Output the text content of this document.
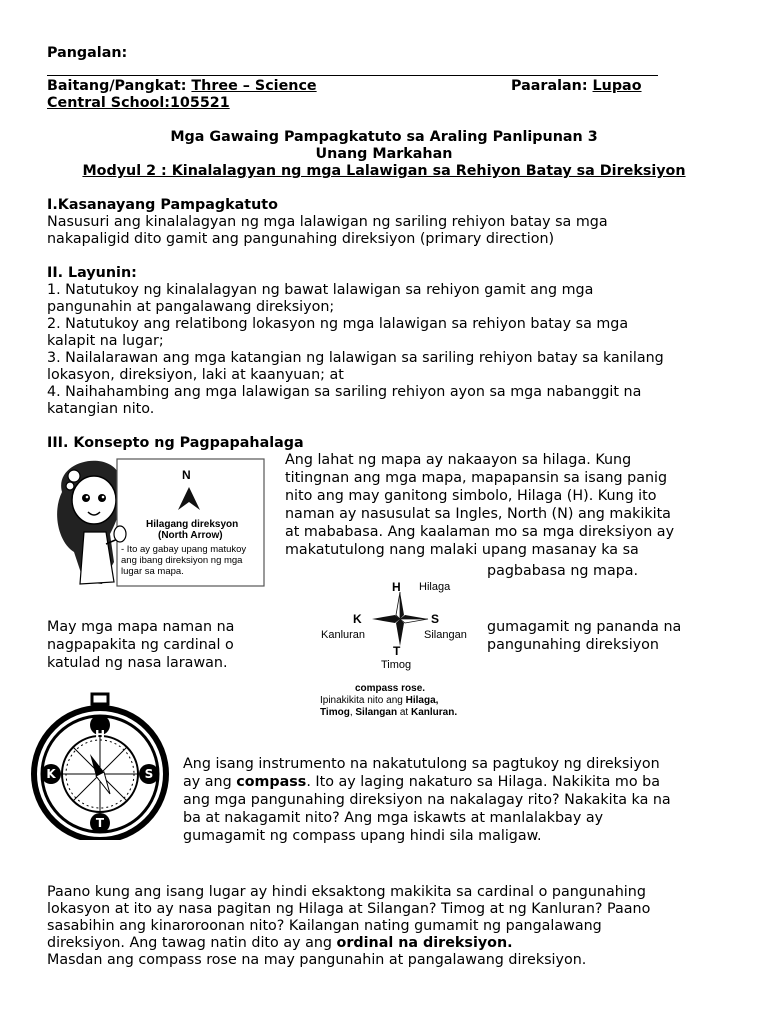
Pangalan:
Baitang/Pangkat: Three – Science	Paaralan: Lupao
Central School:105521
Mga Gawaing Pampagkatuto sa Araling Panlipunan 3
Unang Markahan
Modyul 2 : Kinalalagyan ng mga Lalawigan sa Rehiyon Batay sa Direksiyon
I.Kasanayang Pampagkatuto
Nasusuri ang kinalalagyan ng mga lalawigan ng sariling rehiyon batay sa mga
nakapaligid dito gamit ang pangunahing direksiyon (primary direction)
II. Layunin:
1. Natutukoy ng kinalalagyan ng bawat lalawigan sa rehiyon gamit ang mga
pangunahin at pangalawang direksiyon;
2. Natutukoy ang relatibong lokasyon ng mga lalawigan sa rehiyon batay sa mga
kalapit na lugar;
3. Nailalarawan ang mga katangian ng lalawigan sa sariling rehiyon batay sa kanilang
lokasyon, direksiyon, laki at kaanyuan; at
4. Naihahambing ang mga lalawigan sa sariling rehiyon ayon sa mga nabanggit na
katangian nito.
III. Konsepto ng Pagpapahalaga
N
Hilagang direksyon
(North Arrow)
- Ito ay gabay upang matukoy
ang ibang direksiyon ng mga
lugar sa mapa.
Ang lahat ng mapa ay nakaayon sa hilaga. Kung
titingnan ang mga mapa, mapapansin sa isang panig
nito ang may ganitong simbolo, Hilaga (H). Kung ito
naman ay nasusulat sa Ingles, North (N) ang makikita
at mababasa. Ang kaalaman mo sa mga direksiyon ay
makatutulong nang malaki upang masanay ka sa
pagbabasa ng mapa.
H Hilaga
K
Kanluran
S
Silangan
T
Timog
compass rose.
Ipinakikita nito ang Hilaga,
Timog, Silangan at Kanluran.
May mga mapa naman na
nagpapakita ng cardinal o
katulad ng nasa larawan.
gumagamit ng pananda na
pangunahing direksiyon
H
K	S
T
Ang isang instrumento na nakatutulong sa pagtukoy ng direksiyon
ay ang compass. Ito ay laging nakaturo sa Hilaga. Nakikita mo ba
ang mga pangunahing direksiyon na nakalagay rito? Nakakita ka na
ba at nakagamit nito? Ang mga iskawts at manlalakbay ay
gumagamit ng compass upang hindi sila maligaw.
Paano kung ang isang lugar ay hindi eksaktong makikita sa cardinal o pangunahing
lokasyon at ito ay nasa pagitan ng Hilaga at Silangan? Timog at ng Kanluran? Paano
sasabihin ang kinaroroonan nito? Kailangan nating gumamit ng pangalawang
direksiyon. Ang tawag natin dito ay ang ordinal na direksiyon.
Masdan ang compass rose na may pangunahin at pangalawang direksiyon.
